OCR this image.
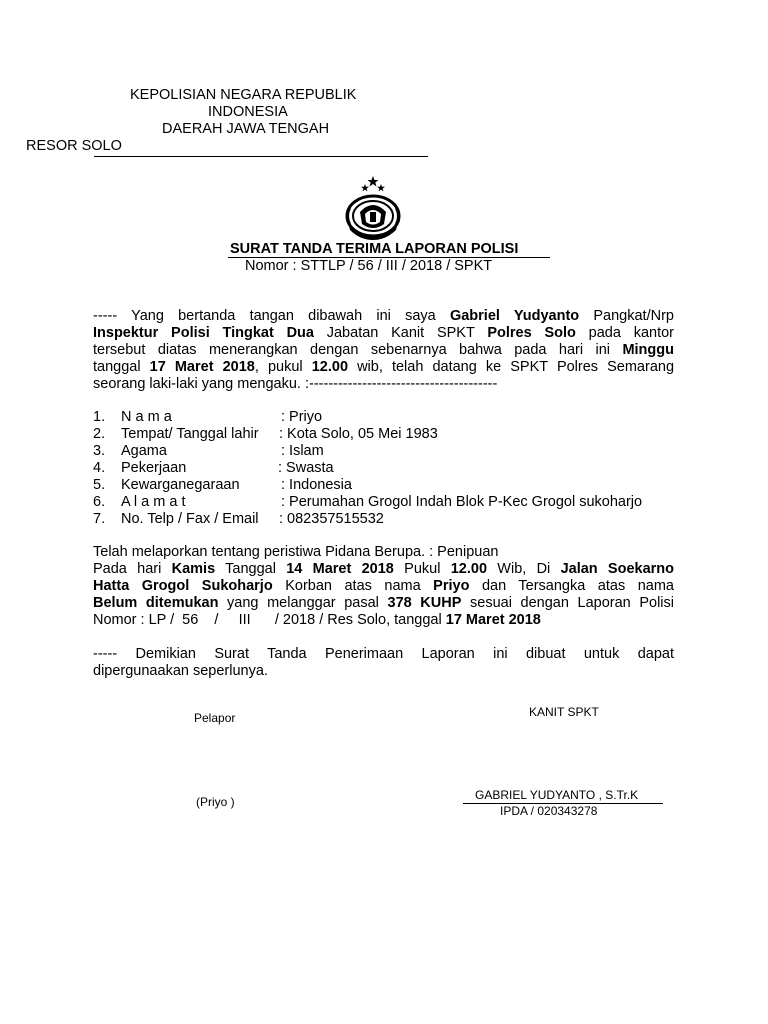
KEPOLISIAN NEGARA REPUBLIK
INDONESIA
DAERAH JAWA TENGAH
RESOR SOLO
SURAT TANDA TERIMA LAPORAN POLISI
Nomor : STTLP / 56 / III / 2018 / SPKT
----- Yang bertanda tangan dibawah ini saya Gabriel Yudyanto Pangkat/Nrp
Inspektur Polisi Tingkat Dua Jabatan Kanit SPKT Polres Solo pada kantor
tersebut diatas menerangkan dengan sebenarnya bahwa pada hari ini Minggu
tanggal 17 Maret 2018, pukul 12.00 wib, telah datang ke SPKT Polres Semarang
seorang laki-laki yang mengaku. :---------------------------------------
1. N a m a	: Priyo
2. Tempat/ Tanggal lahir : Kota Solo, 05 Mei 1983
3. Agama	: Islam
4. Pekerjaan	: Swasta
5. Kewarganegaraan	: Indonesia
6. A l a m a t	: Perumahan Grogol Indah Blok P-Kec Grogol sukoharjo
7. No. Telp / Fax / Email : 082357515532
Telah melaporkan tentang peristiwa Pidana Berupa. : Penipuan
Pada hari Kamis Tanggal 14 Maret 2018 Pukul 12.00 Wib, Di Jalan Soekarno
Hatta Grogol Sukoharjo Korban atas nama Priyo dan Tersangka atas nama
Belum ditemukan yang melanggar pasal 378 KUHP sesuai dengan Laporan Polisi
Nomor : LP /  56    /     III      / 2018 / Res Solo, tanggal 17 Maret 2018
----- Demikian Surat Tanda Penerimaan Laporan ini dibuat untuk dapat
dipergunaakan seperlunya.
Pelapor	KANIT SPKT
(Priyo )	GABRIEL YUDYANTO , S.Tr.K
IPDA / 020343278
